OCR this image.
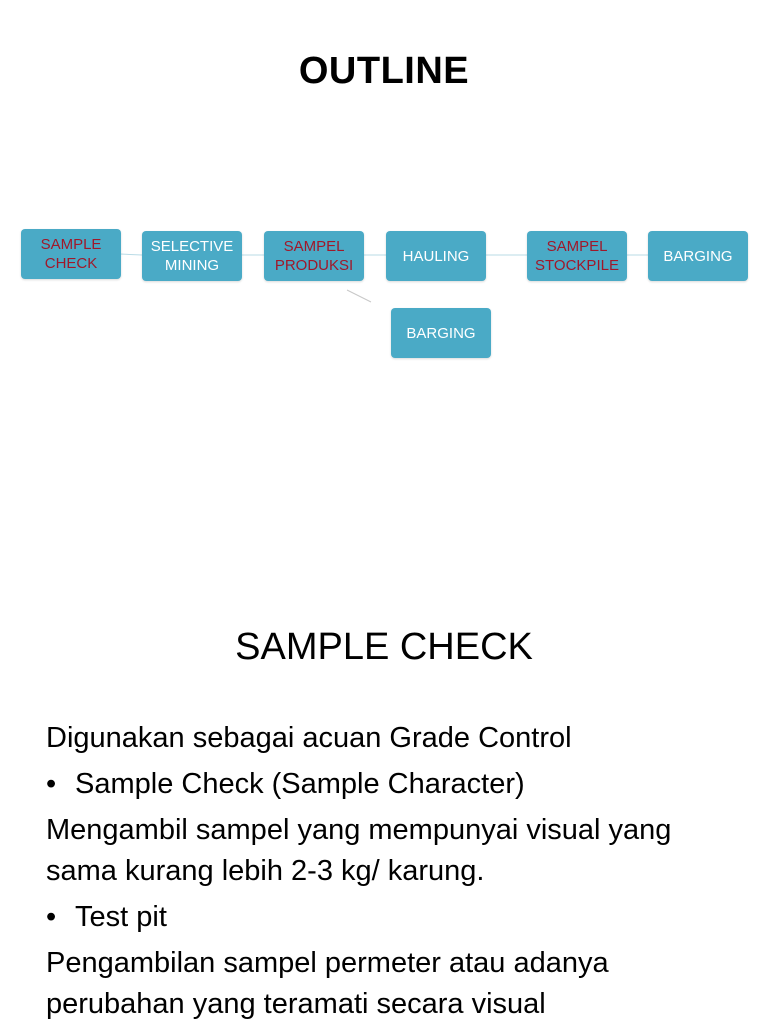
OUTLINE
SAMPLE
CHECK
SELECTIVE
MINING
SAMPEL
PRODUKSI
HAULING
BARGING
SAMPEL
STOCKPILE
BARGING
SAMPLE CHECK

Digunakan sebagai acuan Grade Control

• Sample Check (Sample Character)

Mengambil sampel yang mempunyai visual yang sama kurang lebih 2-3 kg/ karung.

• Test pit

Pengambilan sampel permeter atau adanya perubahan yang teramati secara visual
